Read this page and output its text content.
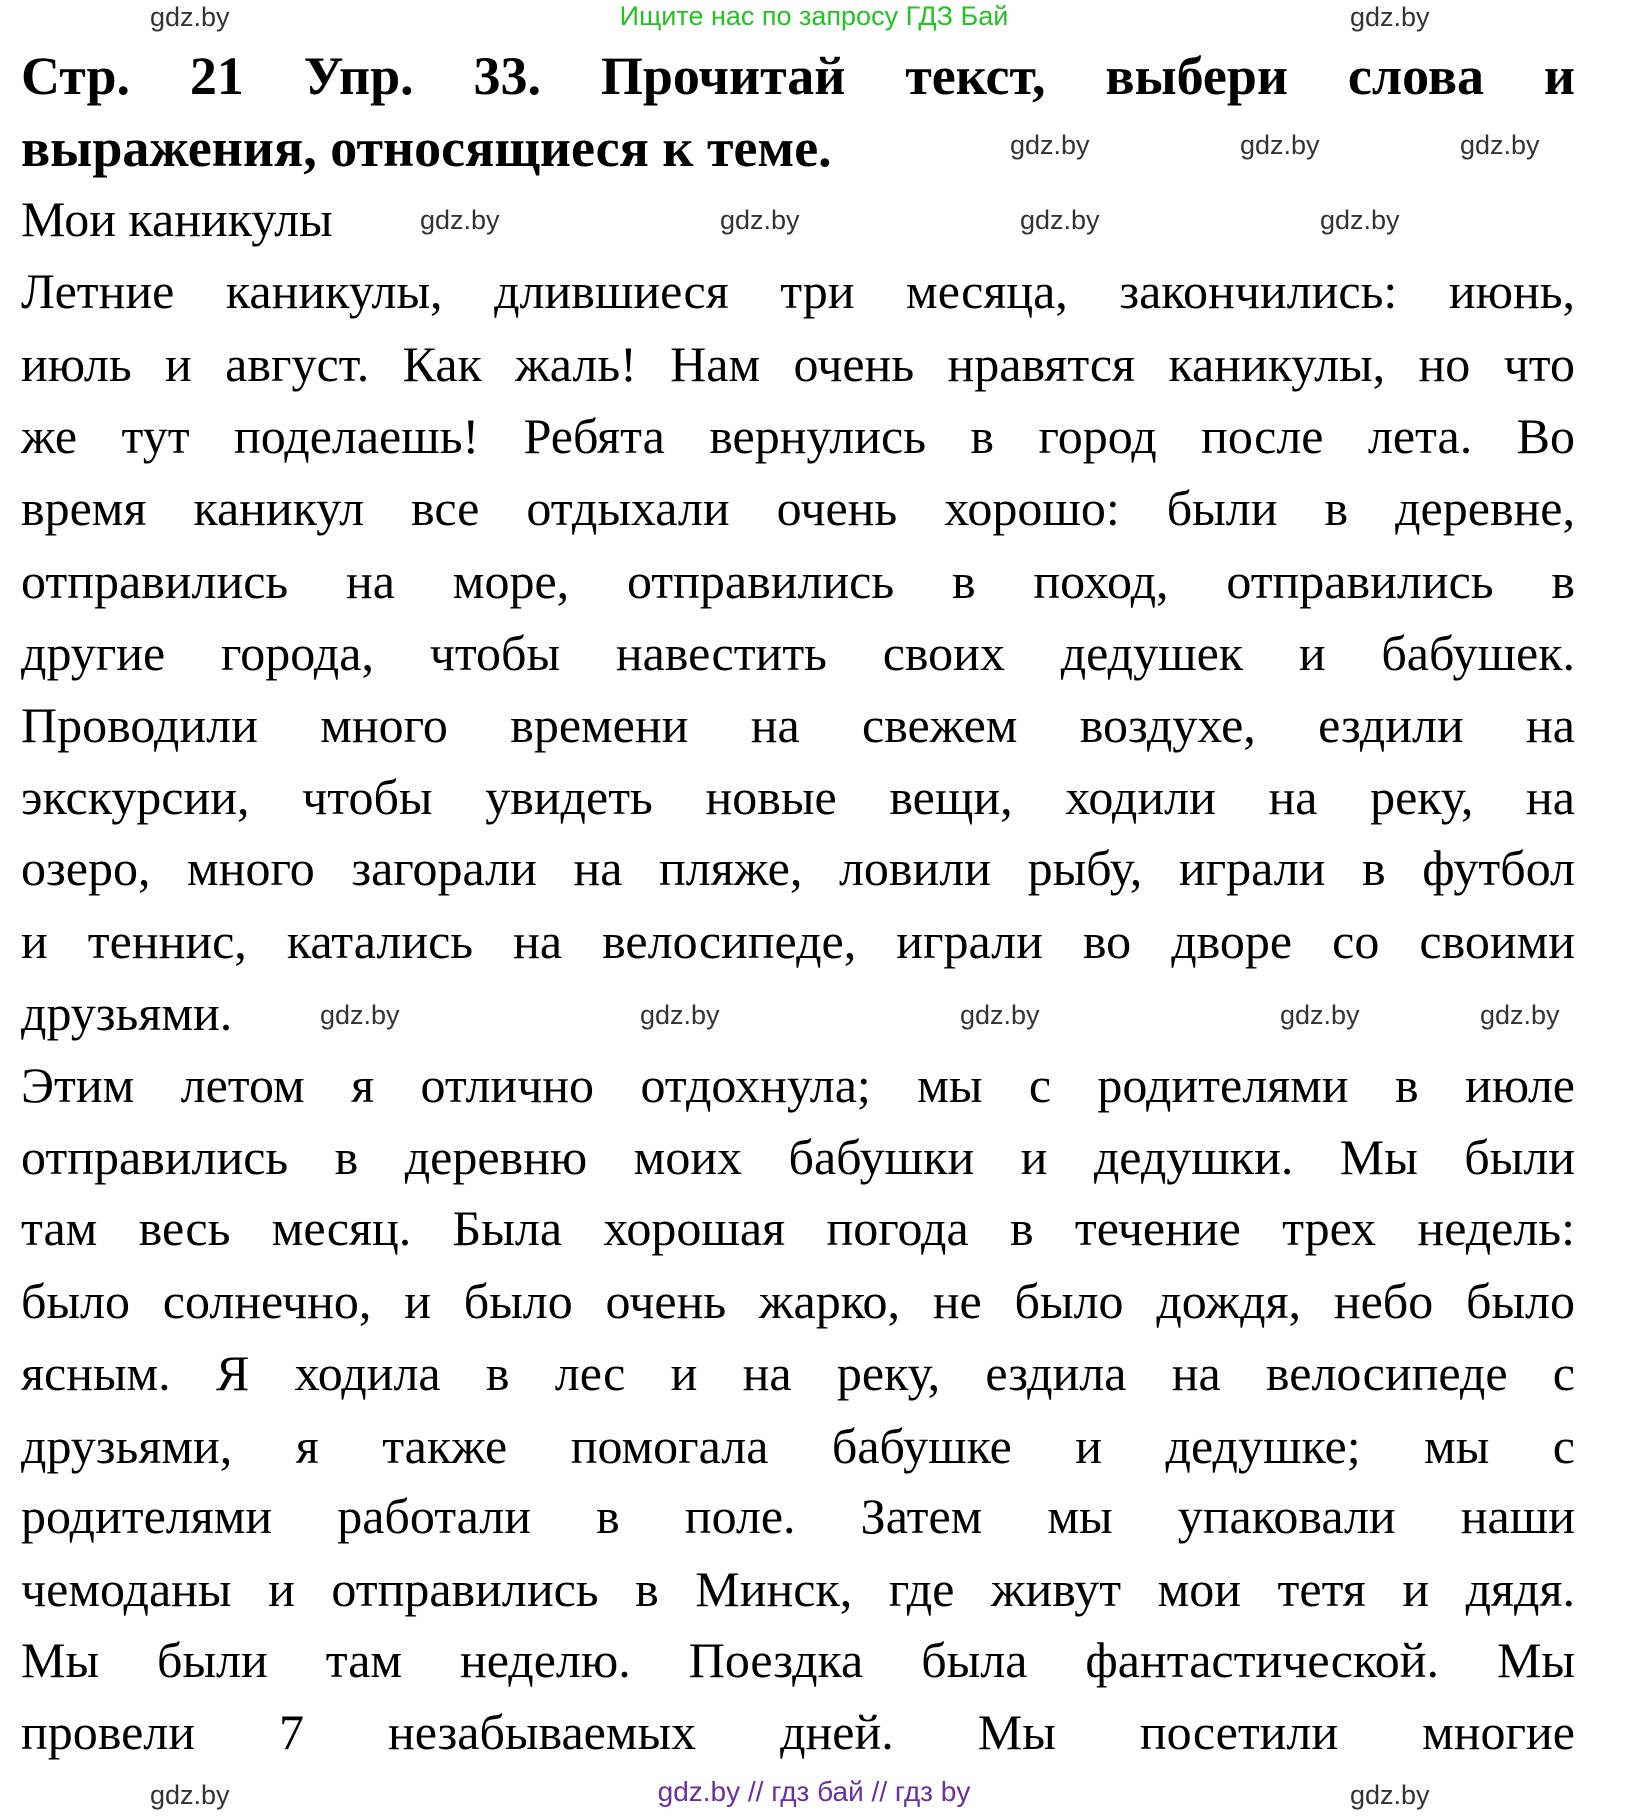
Ищите нас по запросу ГДЗ Бай
Стр. 21 Упр. 33. Прочитай текст, выбери слова и
выражения, относящиеся к теме.
Мои каникулы
Летние каникулы, длившиеся три месяца, закончились: июнь,
июль и август. Как жаль! Нам очень нравятся каникулы, но что
же тут поделаешь! Ребята вернулись в город после лета. Во
время каникул все отдыхали очень хорошо: были в деревне,
отправились на море, отправились в поход, отправились в
другие города, чтобы навестить своих дедушек и бабушек.
Проводили много времени на свежем воздухе, ездили на
экскурсии, чтобы увидеть новые вещи, ходили на реку, на
озеро, много загорали на пляже, ловили рыбу, играли в футбол
и теннис, катались на велосипеде, играли во дворе со своими
друзьями.
Этим летом я отлично отдохнула; мы с родителями в июле
отправились в деревню моих бабушки и дедушки. Мы были
там весь месяц. Была хорошая погода в течение трех недель:
было солнечно, и было очень жарко, не было дождя, небо было
ясным. Я ходила в лес и на реку, ездила на велосипеде с
друзьями, я также помогала бабушке и дедушке; мы с
родителями работали в поле. Затем мы упаковали наши
чемоданы и отправились в Минск, где живут мои тетя и дядя.
Мы были там неделю. Поездка была фантастической. Мы
провели 7 незабываемых дней. Мы посетили многие
gdz.by	gdz.by	gdz.by
gdz.by	gdz.by	gdz.by	gdz.by
gdz.by	gdz.by	gdz.by	gdz.by
gdz.by	gdz.by
gdz.by	gdz.by
gdz.by
gdz.by // гдз бай // гдз by
